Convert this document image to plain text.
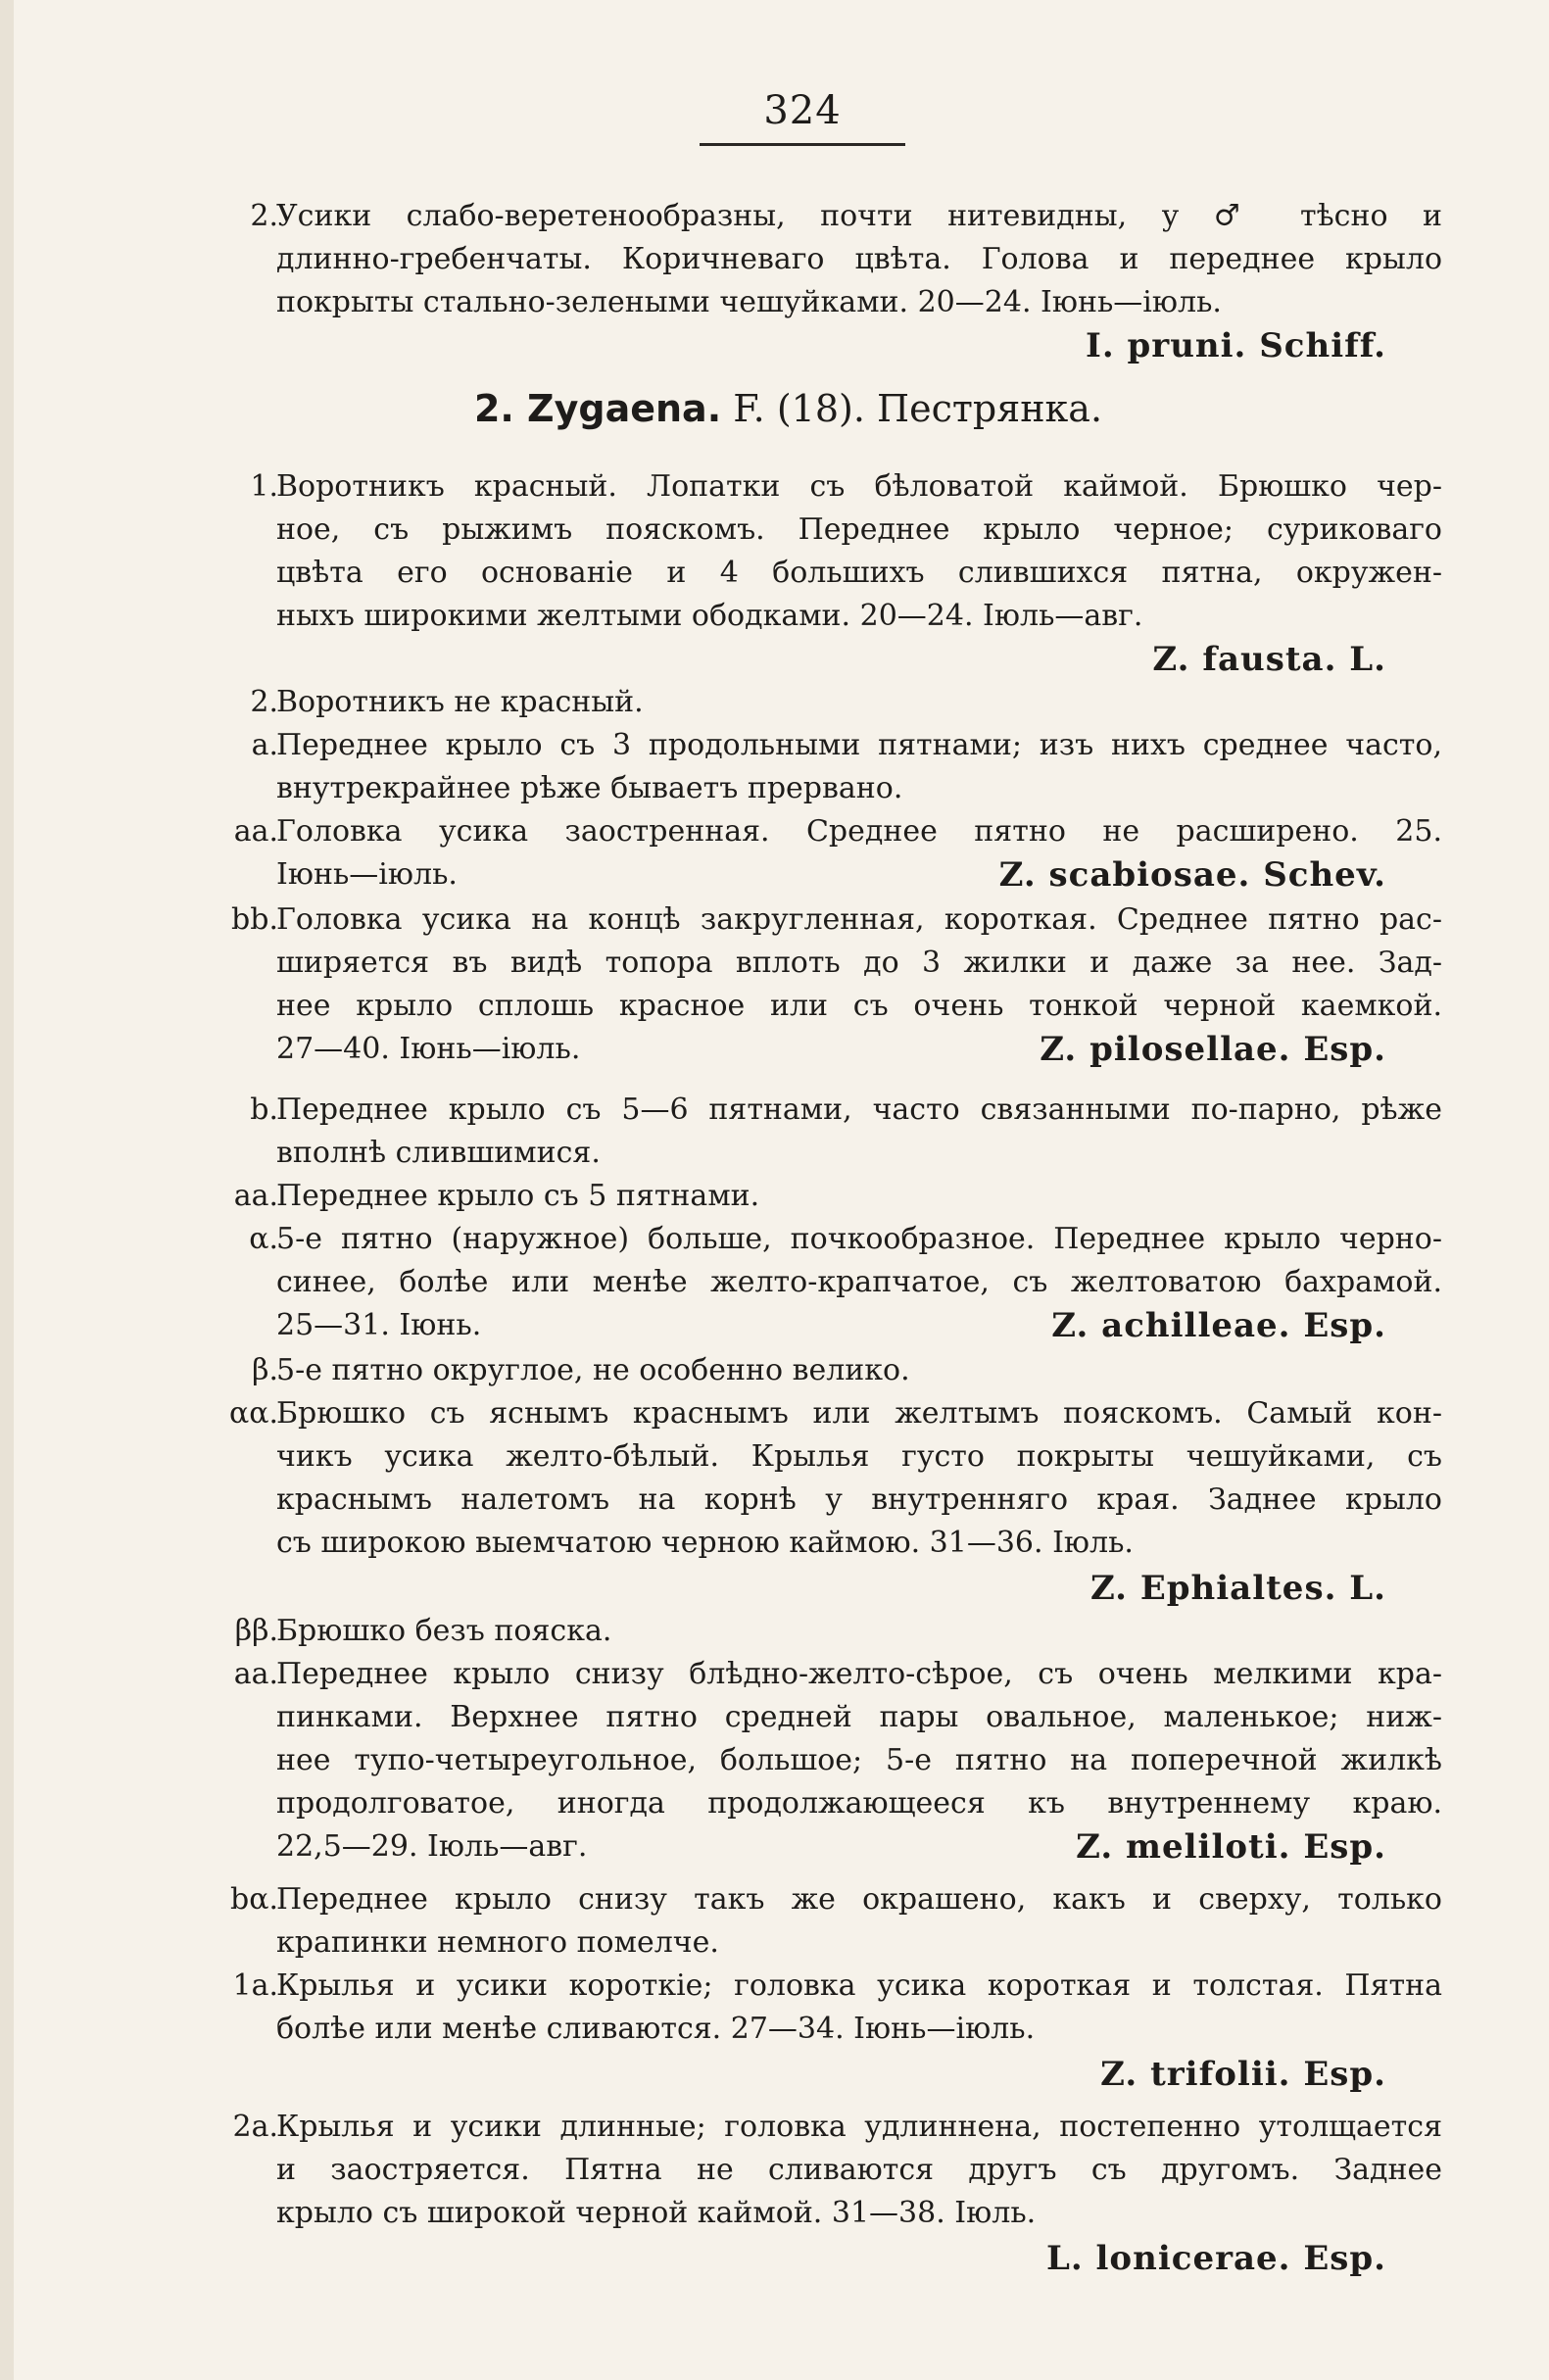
324
2. Zygaena. F. (18). Пестрянка.
2.
Усики слабо-веретенообразны, почти нитевидны, у ♂ тѣсно и
длинно-гребенчаты. Коричневаго цвѣта. Голова и переднее крыло
покрыты стально-зелеными чешуйками. 20—24. Іюнь—іюль.
I. pruni. Schiff.
1.
Воротникъ красный. Лопатки съ бѣловатой каймой. Брюшко чер-
ное, съ рыжимъ пояскомъ. Переднее крыло черное; суриковаго
цвѣта его основаніе и 4 большихъ слившихся пятна, окружен-
ныхъ широкими желтыми ободками. 20—24. Іюль—авг.
Z. fausta. L.
2.
Воротникъ не красный.
a.
Переднее крыло съ 3 продольными пятнами; изъ нихъ среднее часто,
внутрекрайнее рѣже бываетъ прервано.
aa.
Головка усика заостренная. Среднее пятно не расширено. 25.
Іюнь—іюль.	Z. scabiosae. Schev.
bb.
Головка усика на концѣ закругленная, короткая. Среднее пятно рас-
ширяется въ видѣ топора вплоть до 3 жилки и даже за нее. Зад-
нее крыло сплошь красное или съ очень тонкой черной каемкой.
27—40. Іюнь—іюль.	Z. pilosellae. Esp.
b.
Переднее крыло съ 5—6 пятнами, часто связанными по-парно, рѣже
вполнѣ слившимися.
aa.
Переднее крыло съ 5 пятнами.
α.
5-е пятно (наружное) больше, почкообразное. Переднее крыло черно-
синее, болѣе или менѣе желто-крапчатое, съ желтоватою бахрамой.
25—31. Іюнь.	Z. achilleae. Esp.
β.
5-е пятно округлое, не особенно велико.
αα.
Брюшко съ яснымъ краснымъ или желтымъ пояскомъ. Самый кон-
чикъ усика желто-бѣлый. Крылья густо покрыты чешуйками, съ
краснымъ налетомъ на корнѣ у внутренняго края. Заднее крыло
съ широкою выемчатою черною каймою. 31—36. Іюль.
Z. Ephialtes. L.
ββ.
Брюшко безъ пояска.
aa.
Переднее крыло снизу блѣдно-желто-сѣрое, съ очень мелкими кра-
пинками. Верхнее пятно средней пары овальное, маленькое; ниж-
нее тупо-четыреугольное, большое; 5-е пятно на поперечной жилкѣ
продолговатое, иногда продолжающееся къ внутреннему краю.
22,5—29. Іюль—авг.	Z. meliloti. Esp.
bα.
Переднее крыло снизу такъ же окрашено, какъ и сверху, только
крапинки немного помелче.
1a.
Крылья и усики короткіе; головка усика короткая и толстая. Пятна
болѣе или менѣе сливаются. 27—34. Іюнь—іюль.
Z. trifolii. Esp.
2a.
Крылья и усики длинные; головка удлиннена, постепенно утолщается
и заостряется. Пятна не сливаются другъ съ другомъ. Заднее
крыло съ широкой черной каймой. 31—38. Іюль.
L. lonicerae. Esp.
